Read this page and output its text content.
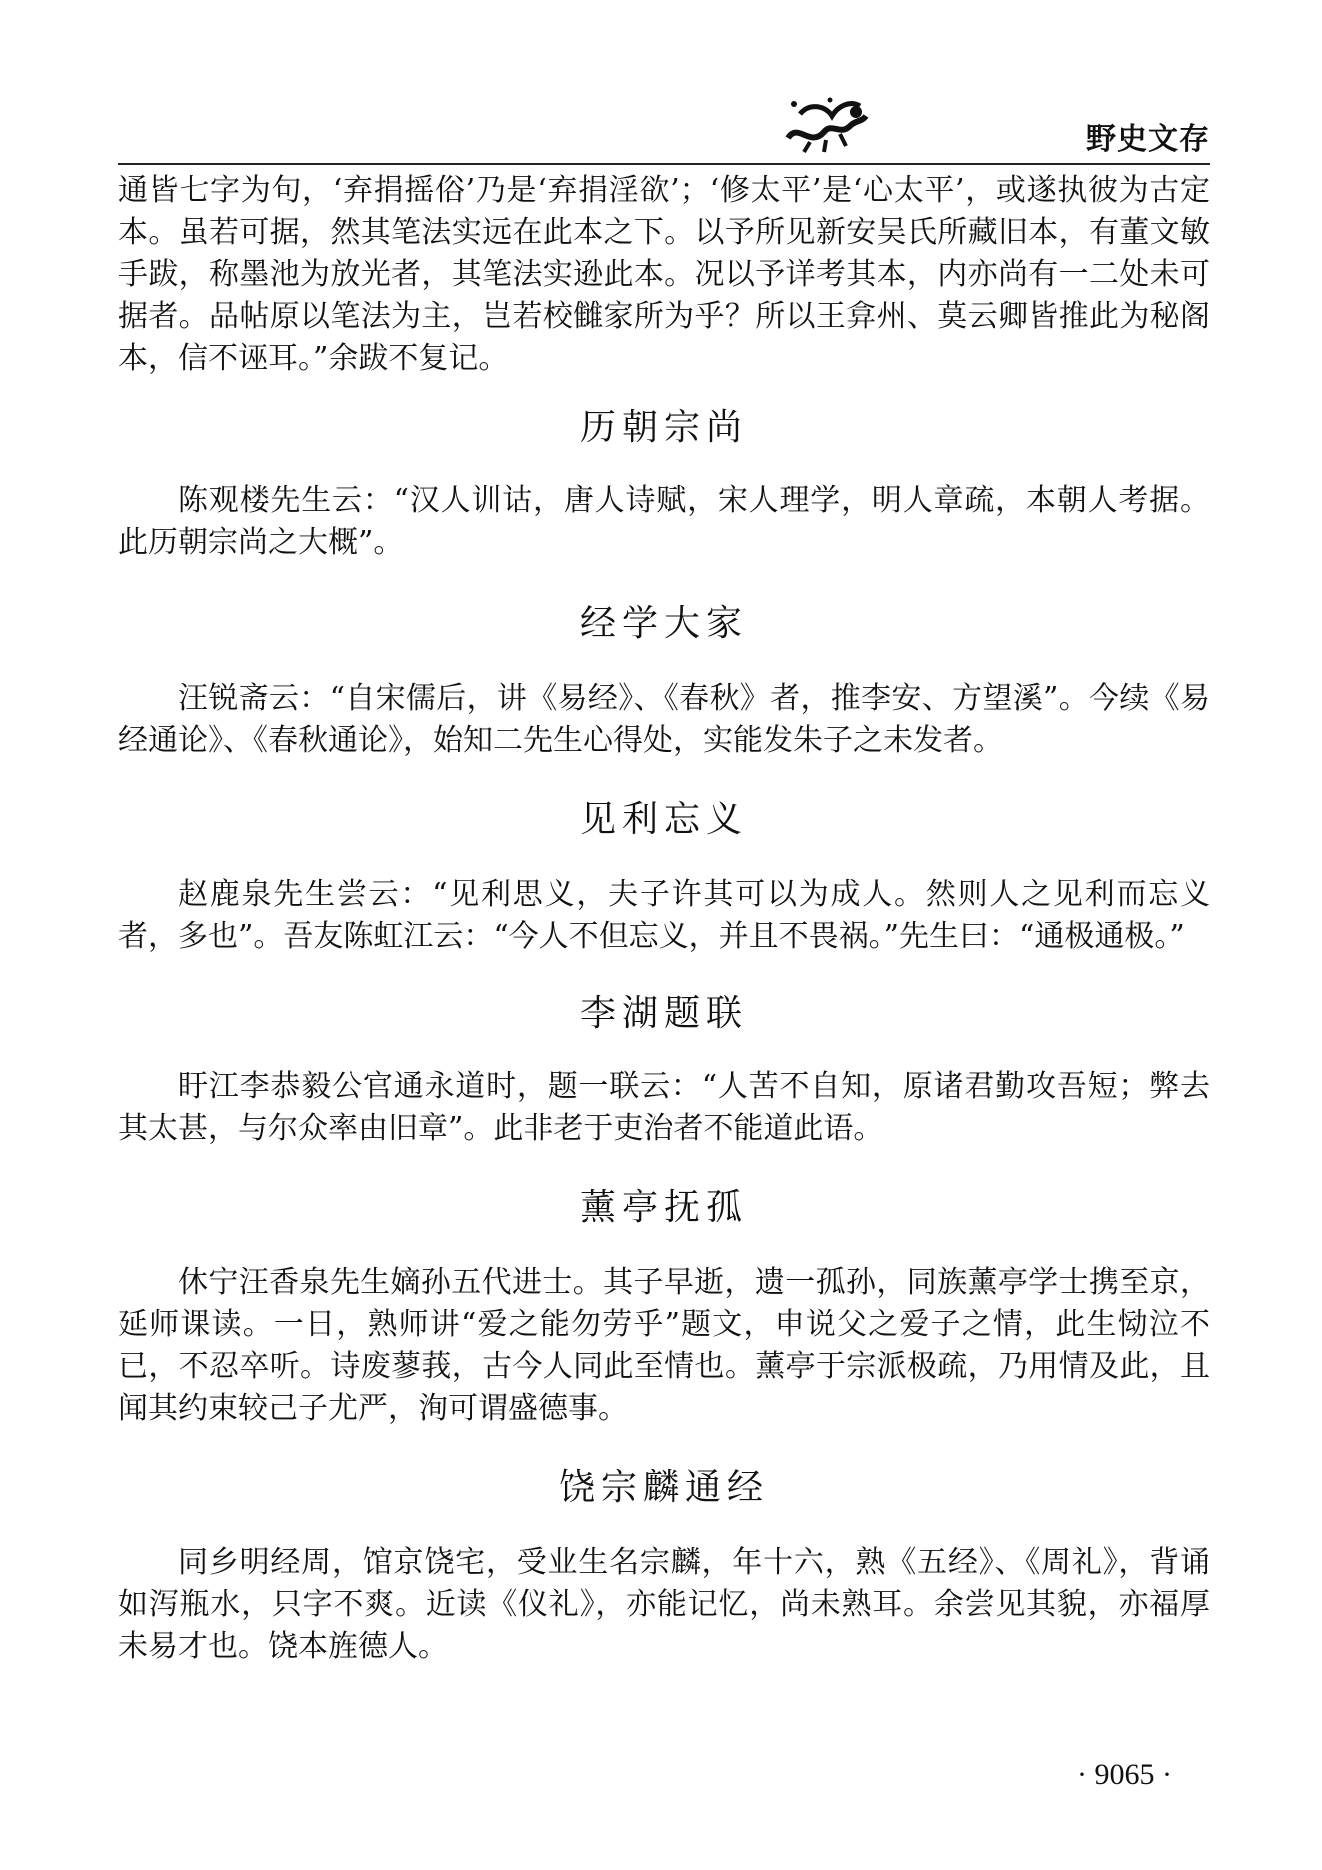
野史文存

通皆七字为句，‘弃捐摇俗’乃是‘弃捐淫欲’；‘修太平’是‘心太平’，或遂执彼为古定本。虽若可据，然其笔法实远在此本之下。以予所见新安吴氏所藏旧本，有董文敏手跋，称墨池为放光者，其笔法实逊此本。况以予详考其本，内亦尚有一二处未可据者。品帖原以笔法为主，岂若校雠家所为乎？所以王弇州、莫云卿皆推此为秘阁本，信不诬耳。”余跋不复记。

历朝宗尚

陈观楼先生云：“汉人训诂，唐人诗赋，宋人理学，明人章疏，本朝人考据。此历朝宗尚之大概”。

经学大家

汪锐斋云：“自宋儒后，讲《易经》、《春秋》者，推李安、方望溪”。今续《易经通论》、《春秋通论》，始知二先生心得处，实能发朱子之未发者。

见利忘义

赵鹿泉先生尝云：“见利思义，夫子许其可以为成人。然则人之见利而忘义者，多也”。吾友陈虹江云：“今人不但忘义，并且不畏祸。”先生曰：“通极通极。”

李湖题联

盱江李恭毅公官通永道时，题一联云：“人苦不自知，原诸君勤攻吾短；弊去其太甚，与尔众率由旧章”。此非老于吏治者不能道此语。

薰亭抚孤

休宁汪香泉先生嫡孙五代进士。其子早逝，遗一孤孙，同族薰亭学士携至京，延师课读。一日，熟师讲“爱之能勿劳乎”题文，申说父之爱子之情，此生恸泣不已，不忍卒听。诗废蓼莪，古今人同此至情也。薰亭于宗派极疏，乃用情及此，且闻其约束较己子尤严，洵可谓盛德事。

饶宗麟通经

同乡明经周，馆京饶宅，受业生名宗麟，年十六，熟《五经》、《周礼》，背诵如泻瓶水，只字不爽。近读《仪礼》，亦能记忆，尚未熟耳。余尝见其貌，亦福厚未易才也。饶本旌德人。

· 9065 ·
